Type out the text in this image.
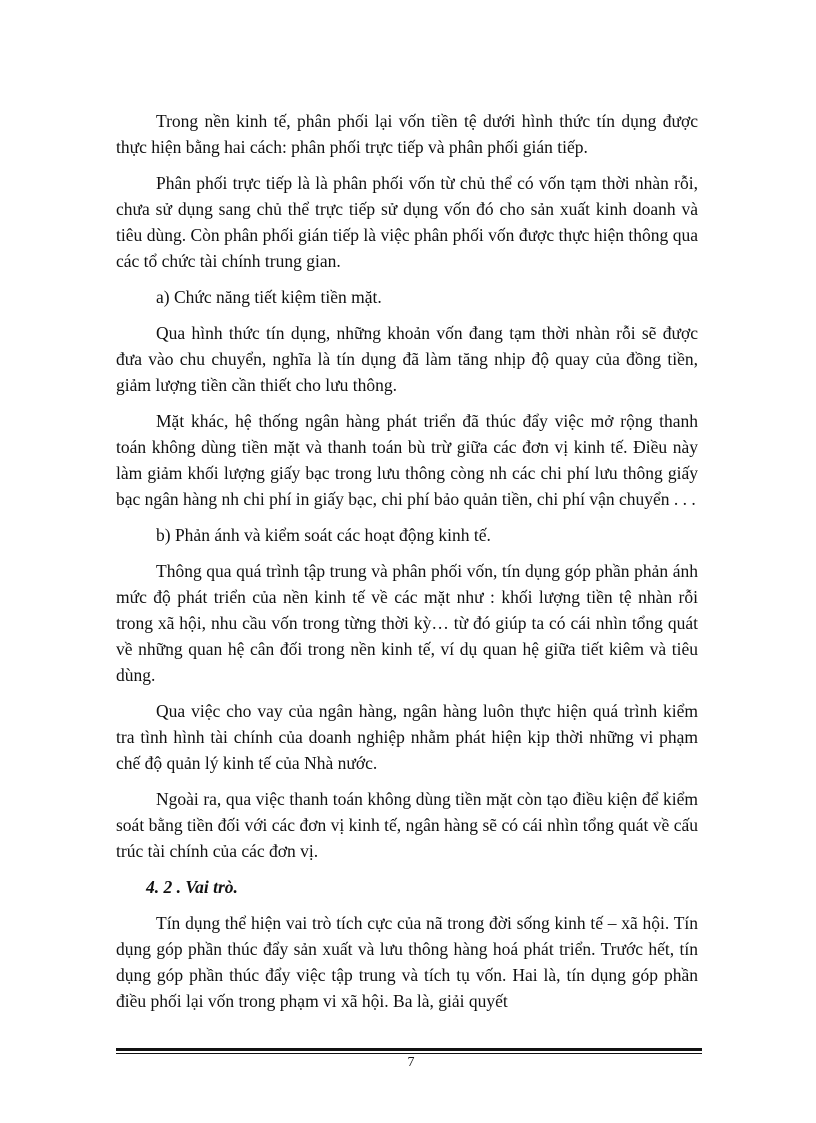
Trong nền kinh tế, phân phối lại vốn tiền tệ dưới hình thức tín dụng được thực hiện bằng hai cách: phân phối trực tiếp và phân phối gián tiếp.

Phân phối trực tiếp là là phân phối vốn từ chủ thể có vốn tạm thời nhàn rỗi, chưa sử dụng sang chủ thể trực tiếp sử dụng vốn đó cho sản xuất kinh doanh và tiêu dùng. Còn phân phối gián tiếp là việc phân phối vốn được thực hiện thông qua các tổ chức tài chính trung gian.

a) Chức năng tiết kiệm tiền mặt.

Qua hình thức tín dụng, những khoản vốn đang tạm thời nhàn rỗi sẽ được đưa vào chu chuyển, nghĩa là tín dụng đã làm tăng nhịp độ quay của đồng tiền, giảm lượng tiền cần thiết cho lưu thông.

Mặt khác, hệ thống ngân hàng phát triển đã thúc đẩy việc mở rộng thanh toán không dùng tiền mặt và thanh toán bù trừ giữa các đơn vị kinh tế. Điều này làm giảm khối lượng giấy bạc trong lưu thông còng nh các chi phí lưu thông giấy bạc ngân hàng nh chi phí in giấy bạc, chi phí bảo quản tiền, chi phí vận chuyển . . .

b) Phản ánh và kiểm soát các hoạt động kinh tế.

Thông qua quá trình tập trung và phân phối vốn, tín dụng góp phần phản ánh mức độ phát triển của nền kinh tế về các mặt như : khối lượng tiền tệ nhàn rỗi trong xã hội, nhu cầu vốn trong từng thời kỳ… từ đó giúp ta có cái nhìn tổng quát về những quan hệ cân đối trong nền kinh tế, ví dụ quan hệ giữa tiết kiêm và tiêu dùng.

Qua việc cho vay của ngân hàng, ngân hàng luôn thực hiện quá trình kiểm tra tình hình tài chính của doanh nghiệp nhằm phát hiện kịp thời những vi phạm chế độ quản lý kinh tế của Nhà nước.

Ngoài ra, qua việc thanh toán không dùng tiền mặt còn tạo điều kiện để kiểm soát bằng tiền đối với các đơn vị kinh tế, ngân hàng sẽ có cái nhìn tổng quát về cấu trúc tài chính của các đơn vị.

4. 2 . Vai trò.

Tín dụng thể hiện vai trò tích cực của nã trong đời sống kinh tế – xã hội. Tín dụng góp phần thúc đẩy sản xuất và lưu thông hàng hoá phát triển. Trước hết, tín dụng góp phần thúc đẩy việc tập trung và tích tụ vốn. Hai là, tín dụng góp phần điều phối lại vốn trong phạm vi xã hội. Ba là, giải quyết

7
